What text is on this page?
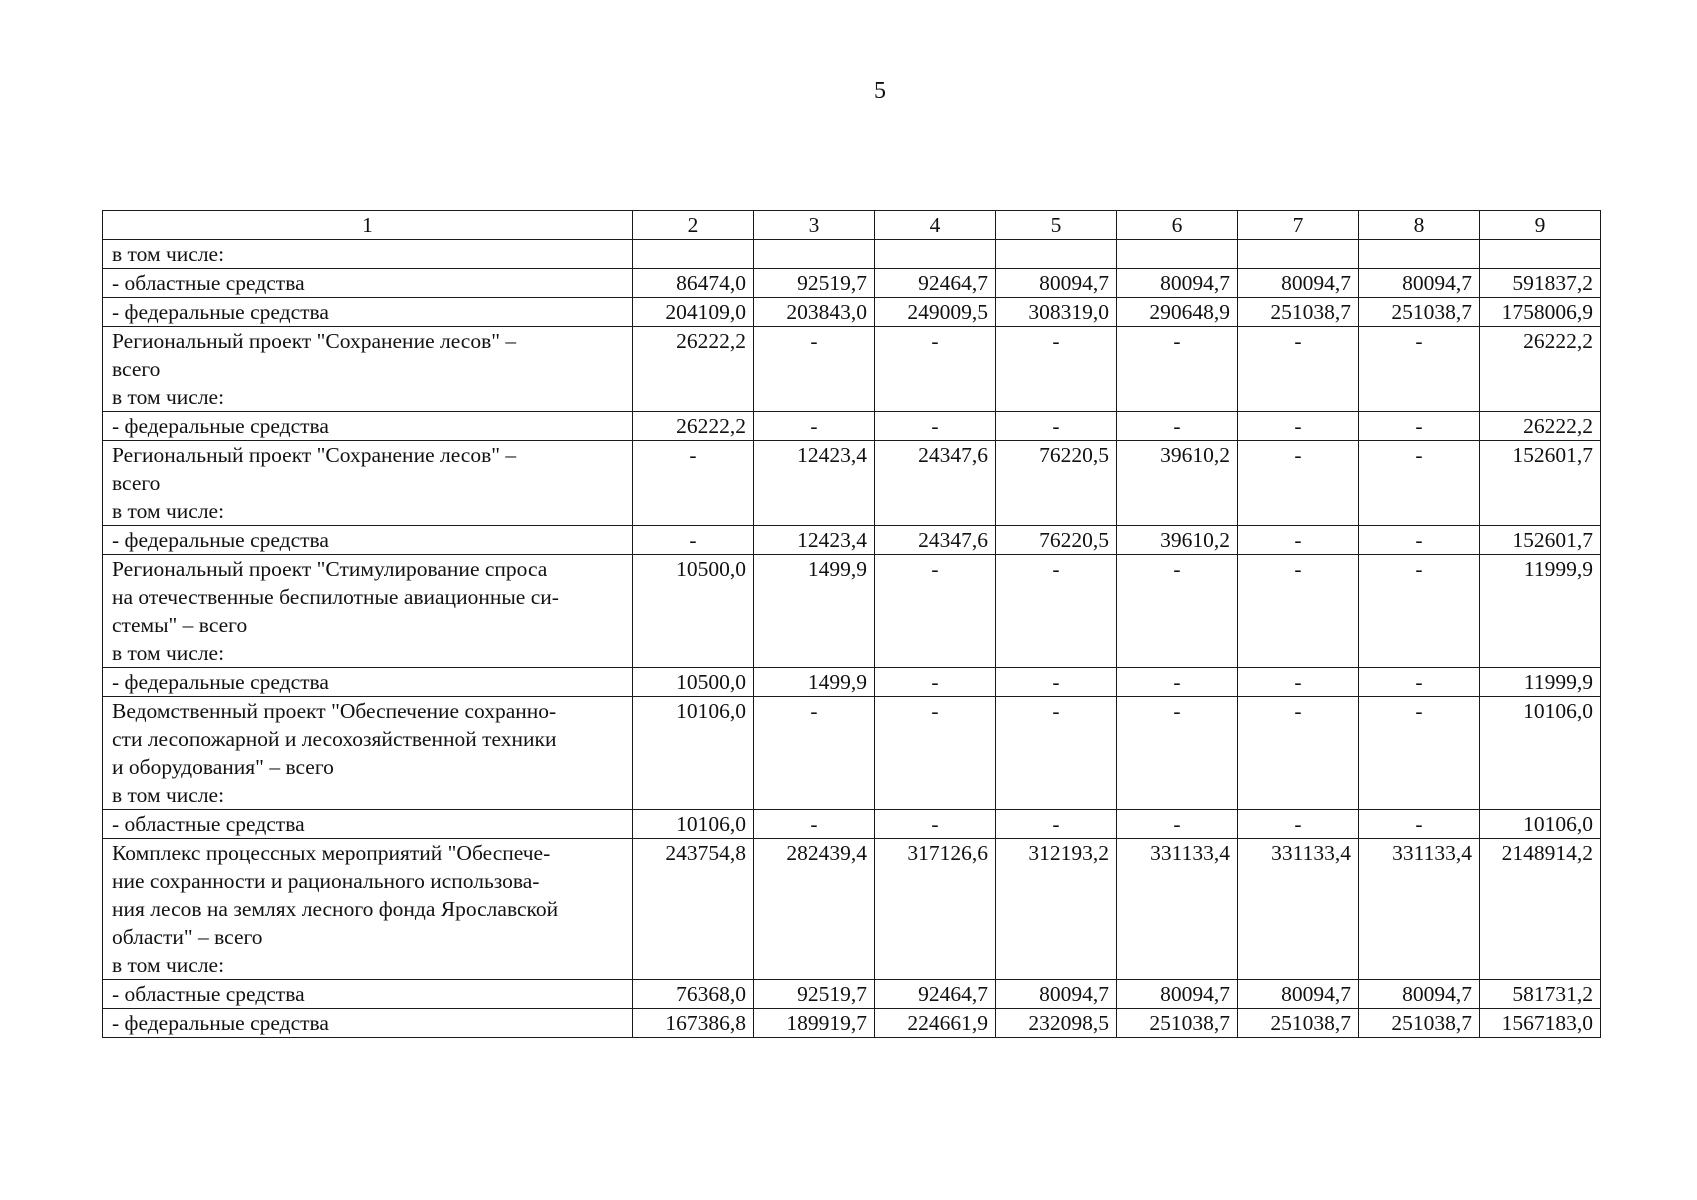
5
1	2	3	4	5	6	7	8	9

в том числе:								

- областные средства	86474,0	92519,7	92464,7	80094,7	80094,7	80094,7	80094,7	591837,2

- федеральные средства	204109,0	203843,0	249009,5	308319,0	290648,9	251038,7	251038,7	1758006,9

Региональный проект "Сохранение лесов" –
всего
в том числе:	26222,2	-	-	-	-	-	-	26222,2

- федеральные средства	26222,2	-	-	-	-	-	-	26222,2

Региональный проект "Сохранение лесов" –
всего
в том числе:	-	12423,4	24347,6	76220,5	39610,2	-	-	152601,7

- федеральные средства	-	12423,4	24347,6	76220,5	39610,2	-	-	152601,7

Региональный проект "Стимулирование спроса
на отечественные беспилотные авиационные си-
стемы" – всего
в том числе:	10500,0	1499,9	-	-	-	-	-	11999,9

- федеральные средства	10500,0	1499,9	-	-	-	-	-	11999,9

Ведомственный проект "Обеспечение сохранно-
сти лесопожарной и лесохозяйственной техники
и оборудования" – всего
в том числе:	10106,0	-	-	-	-	-	-	10106,0

- областные средства	10106,0	-	-	-	-	-	-	10106,0

Комплекс процессных мероприятий "Обеспече-
ние сохранности и рационального использова-
ния лесов на землях лесного фонда Ярославской
области" – всего
в том числе:	243754,8	282439,4	317126,6	312193,2	331133,4	331133,4	331133,4	2148914,2

- областные средства	76368,0	92519,7	92464,7	80094,7	80094,7	80094,7	80094,7	581731,2

- федеральные средства	167386,8	189919,7	224661,9	232098,5	251038,7	251038,7	251038,7	1567183,0
